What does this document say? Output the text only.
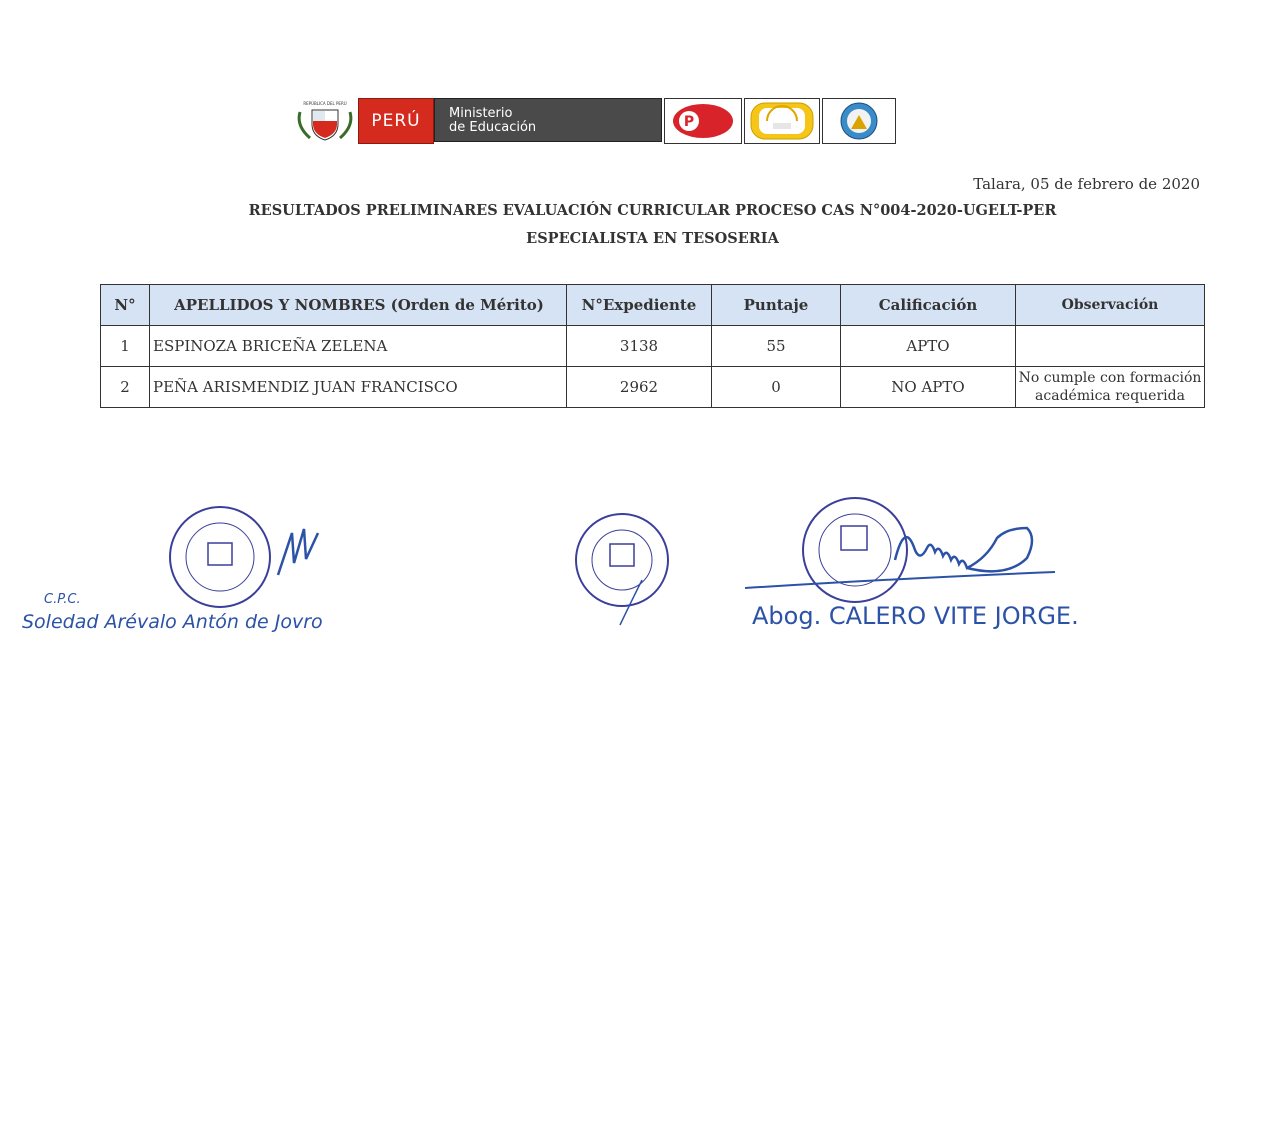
REPÚBLICA DEL PERÚ
PERÚ Ministerio
de Educación	P
Talara, 05 de febrero de 2020
RESULTADOS PRELIMINARES EVALUACIÓN CURRICULAR PROCESO CAS N°004-2020-UGELT-PER
ESPECIALISTA EN TESOSERIA
N°	APELLIDOS Y NOMBRES (Orden de Mérito)	N°Expediente	Puntaje	Calificación	Observación
1	ESPINOZA BRICEÑA ZELENA	3138	55	APTO	
2	PEÑA ARISMENDIZ JUAN FRANCISCO	2962	0	NO APTO	No cumple con formación académica requerida
C.P.C.
Soledad Arévalo Antón de Jovro	Abog. CALERO VITE JORGE.
